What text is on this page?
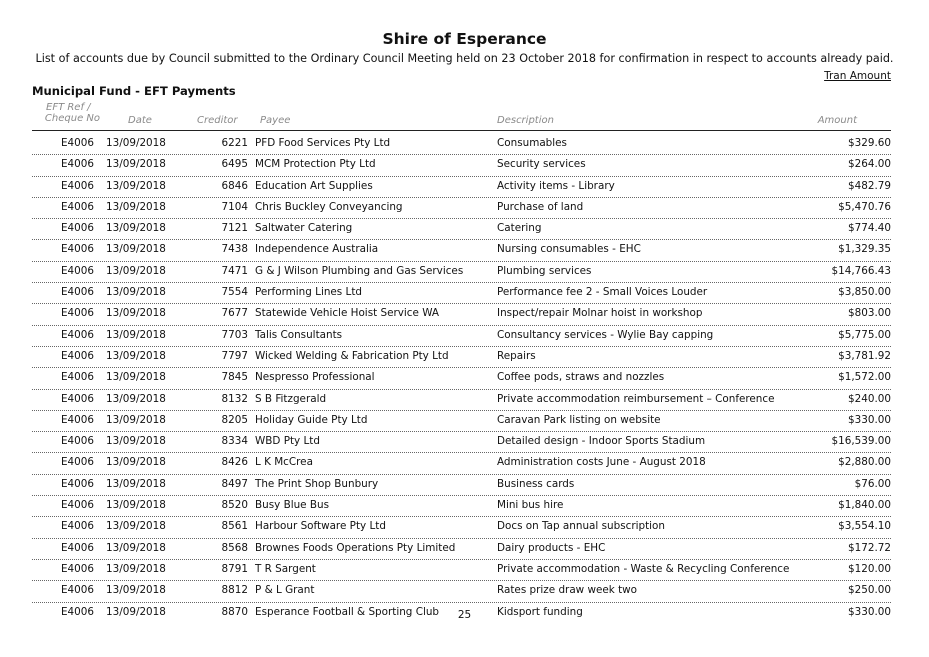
Shire of Esperance
List of accounts due by Council submitted to the Ordinary Council Meeting held on 23 October 2018 for confirmation in respect to accounts already paid.
Tran Amount
Municipal Fund - EFT Payments
EFT Ref /
Cheque No	Date	Creditor Payee	Description	Amount
E4006 13/09/2018	6221 PFD Food Services Pty Ltd	Consumables	$329.60
E4006 13/09/2018	6495 MCM Protection Pty Ltd	Security services	$264.00
E4006 13/09/2018	6846 Education Art Supplies	Activity items - Library	$482.79
E4006 13/09/2018	7104 Chris Buckley Conveyancing	Purchase of land	$5,470.76
E4006 13/09/2018	7121 Saltwater Catering	Catering	$774.40
E4006 13/09/2018	7438 Independence Australia	Nursing consumables - EHC	$1,329.35
E4006 13/09/2018	7471 G & J Wilson Plumbing and Gas Services	Plumbing services	$14,766.43
E4006 13/09/2018	7554 Performing Lines Ltd	Performance fee 2 - Small Voices Louder	$3,850.00
E4006 13/09/2018	7677 Statewide Vehicle Hoist Service WA	Inspect/repair Molnar hoist in workshop	$803.00
E4006 13/09/2018	7703 Talis Consultants	Consultancy services - Wylie Bay capping	$5,775.00
E4006 13/09/2018	7797 Wicked Welding & Fabrication Pty Ltd	Repairs	$3,781.92
E4006 13/09/2018	7845 Nespresso Professional	Coffee pods, straws and nozzles	$1,572.00
E4006 13/09/2018	8132 S B Fitzgerald	Private accommodation reimbursement – Conference	$240.00
E4006 13/09/2018	8205 Holiday Guide Pty Ltd	Caravan Park listing on website	$330.00
E4006 13/09/2018	8334 WBD Pty Ltd	Detailed design - Indoor Sports Stadium	$16,539.00
E4006 13/09/2018	8426 L K McCrea	Administration costs June - August 2018	$2,880.00
E4006 13/09/2018	8497 The Print Shop Bunbury	Business cards	$76.00
E4006 13/09/2018	8520 Busy Blue Bus	Mini bus hire	$1,840.00
E4006 13/09/2018	8561 Harbour Software Pty Ltd	Docs on Tap annual subscription	$3,554.10
E4006 13/09/2018	8568 Brownes Foods Operations Pty Limited	Dairy products - EHC	$172.72
E4006 13/09/2018	8791 T R Sargent	Private accommodation - Waste & Recycling Conference	$120.00
E4006 13/09/2018	8812 P & L Grant	Rates prize draw week two	$250.00
E4006 13/09/2018	8870 Esperance Football & Sporting Club	Kidsport funding	$330.00
25
